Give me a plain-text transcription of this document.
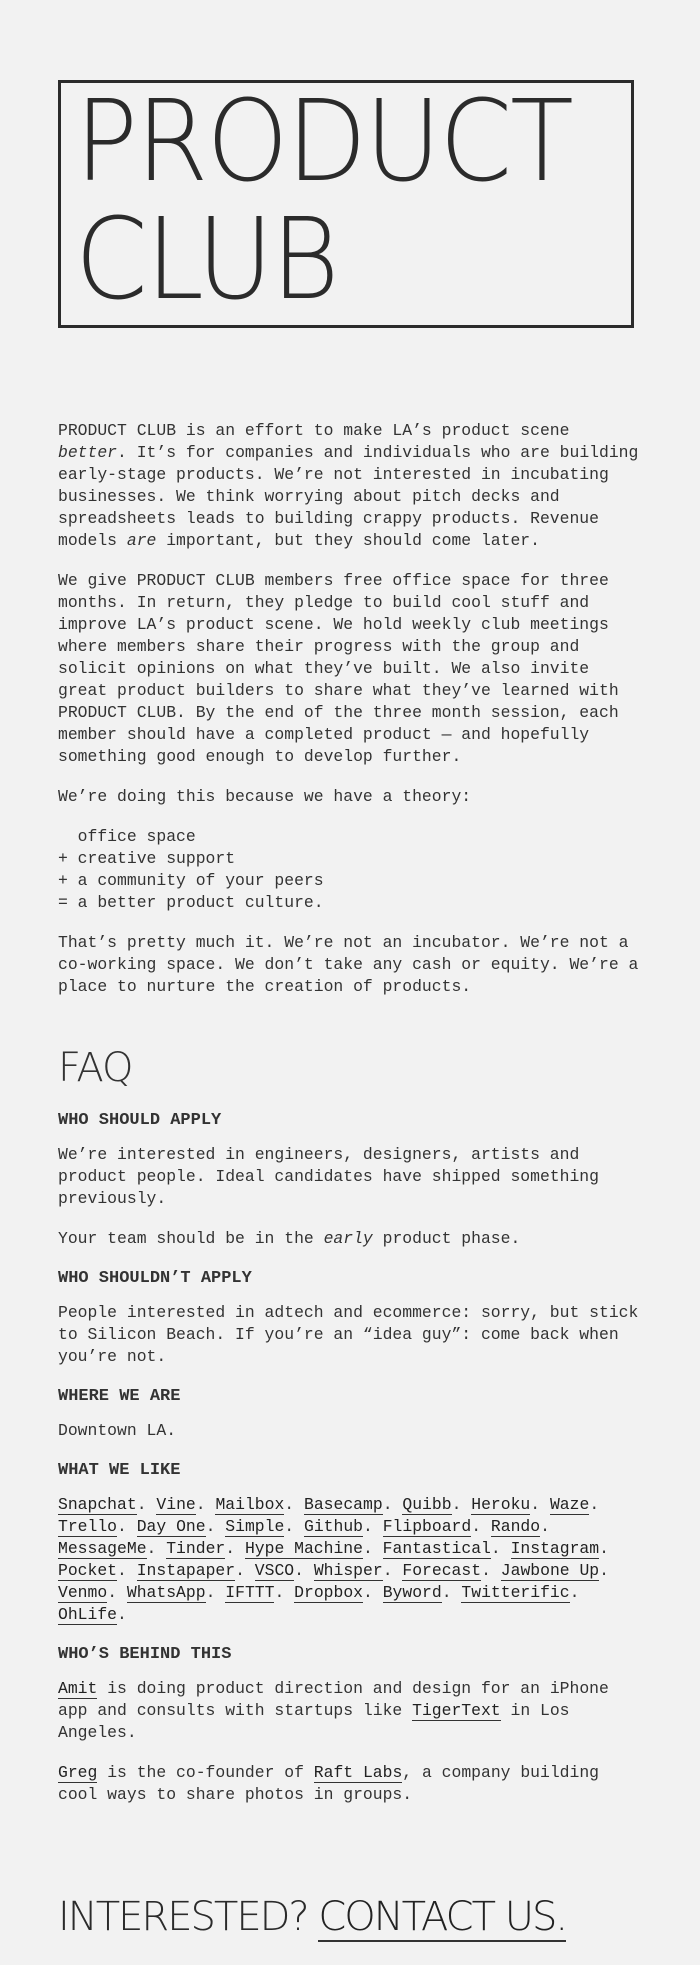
PRODUCT
CLUB

PRODUCT CLUB is an effort to make LA’s product scene better. It’s for companies and individuals who are building early-stage products. We’re not interested in incubating businesses. We think worrying about pitch decks and spreadsheets leads to building crappy products. Revenue models are important, but they should come later.

We give PRODUCT CLUB members free office space for three months. In return, they pledge to build cool stuff and improve LA’s product scene. We hold weekly club meetings where members share their progress with the group and solicit opinions on what they’ve built. We also invite great product builders to share what they’ve learned with PRODUCT CLUB. By the end of the three month session, each member should have a completed product — and hopefully something good enough to develop further.

We’re doing this because we have a theory:

office space
+ creative support
+ a community of your peers
= a better product culture.

That’s pretty much it. We’re not an incubator. We’re not a co-working space. We don’t take any cash or equity. We’re a place to nurture the creation of products.

FAQ
WHO SHOULD APPLY

We’re interested in engineers, designers, artists and product people. Ideal candidates have shipped something previously.

Your team should be in the early product phase.

WHO SHOULDN’T APPLY

People interested in adtech and ecommerce: sorry, but stick to Silicon Beach. If you’re an “idea guy”: come back when you’re not.

WHERE WE ARE

Downtown LA.

WHAT WE LIKE

Snapchat. Vine. Mailbox. Basecamp. Quibb. Heroku. Waze. Trello. Day One. Simple. Github. Flipboard. Rando. MessageMe. Tinder. Hype Machine. Fantastical. Instagram. Pocket. Instapaper. VSCO. Whisper. Forecast. Jawbone Up. Venmo. WhatsApp. IFTTT. Dropbox. Byword. Twitterific. OhLife.

WHO’S BEHIND THIS

Amit is doing product direction and design for an iPhone app and consults with startups like TigerText in Los Angeles.

Greg is the co-founder of Raft Labs, a company building cool ways to share photos in groups.

INTERESTED? CONTACT US.
